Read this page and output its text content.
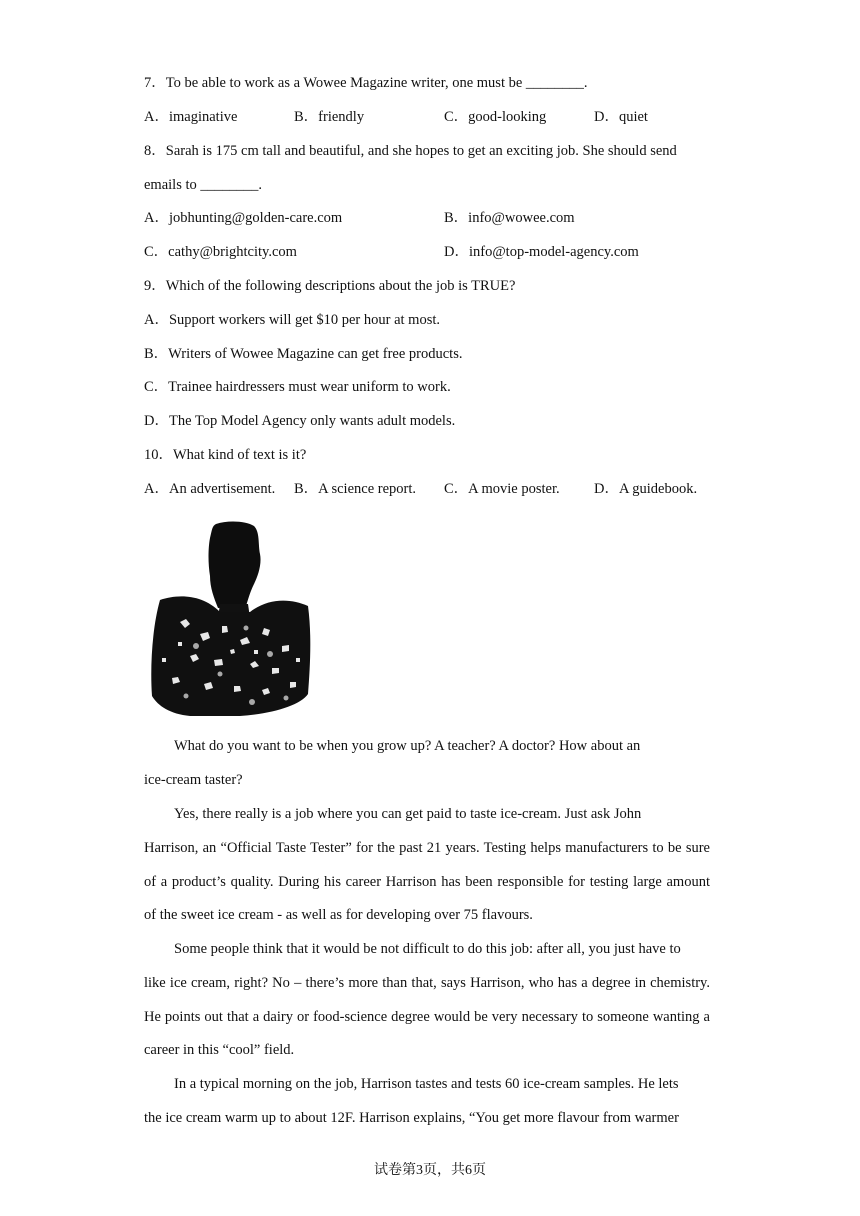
7．To be able to work as a Wowee Magazine writer, one must be ________.
A．imaginative	B．friendly	C．good-looking	D．quiet
8．Sarah is 175 cm tall and beautiful, and she hopes to get an exciting job. She should send
emails to ________.
A．jobhunting@golden-care.com	B．info@wowee.com
C．cathy@brightcity.com	D．info@top-model-agency.com
9．Which of the following descriptions about the job is TRUE?
A．Support workers will get $10 per hour at most.
B．Writers of Wowee Magazine can get free products.
C．Trainee hairdressers must wear uniform to work.
D．The Top Model Agency only wants adult models.
10．What kind of text is it?
A．An advertisement. B．A science report. C．A movie poster. D．A guidebook.
What do you want to be when you grow up? A teacher? A doctor? How about an
ice-cream taster?
Yes, there really is a job where you can get paid to taste ice-cream. Just ask John
Harrison, an “Official Taste Tester” for the past 21 years. Testing helps manufacturers to be sure of a product’s quality. During his career Harrison has been responsible for testing large amount of the sweet ice cream - as well as for developing over 75 flavours.
Some people think that it would be not difficult to do this job: after all, you just have to
like ice cream, right? No – there’s more than that, says Harrison, who has a degree in chemistry. He points out that a dairy or food-science degree would be very necessary to someone wanting a career in this “cool” field.
In a typical morning on the job, Harrison tastes and tests 60 ice-cream samples. He lets
the ice cream warm up to about 12F. Harrison explains, “You get more flavour from warmer
试卷第3页，共6页
